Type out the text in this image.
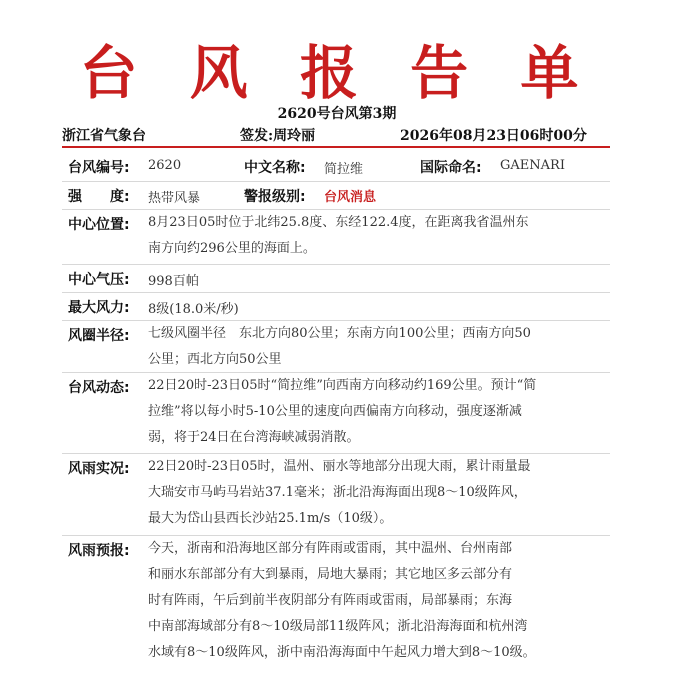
台 风 报 告 单
2620号台风第3期
浙江省气象台	签发:周玲丽	2026年08月23日06时00分
台风编号: 2620	中文名称: 简拉维	国际命名: GAENARI
强　　度: 热带风暴	警报级别: 台风消息
中心位置: 8月23日05时位于北纬25.8度、东经122.4度，在距离我省温州东
南方向约296公里的海面上。
中心气压: 998百帕
最大风力: 8级(18.0米/秒)
风圈半径: 七级风圈半径　东北方向80公里；东南方向100公里；西南方向50
公里；西北方向50公里
台风动态: 22日20时-23日05时“简拉维”向西南方向移动约169公里。预计“简
拉维”将以每小时5-10公里的速度向西偏南方向移动，强度逐渐减
弱，将于24日在台湾海峡减弱消散。
风雨实况: 22日20时-23日05时，温州、丽水等地部分出现大雨，累计雨量最
大瑞安市马屿马岩站37.1毫米；浙北沿海海面出现8～10级阵风，
最大为岱山县西长沙站25.1m/s（10级）。
风雨预报: 今天，浙南和沿海地区部分有阵雨或雷雨，其中温州、台州南部
和丽水东部部分有大到暴雨，局地大暴雨；其它地区多云部分有
时有阵雨，午后到前半夜阴部分有阵雨或雷雨，局部暴雨；东海
中南部海域部分有8～10级局部11级阵风；浙北沿海海面和杭州湾
水域有8～10级阵风，浙中南沿海海面中午起风力增大到8～10级。
